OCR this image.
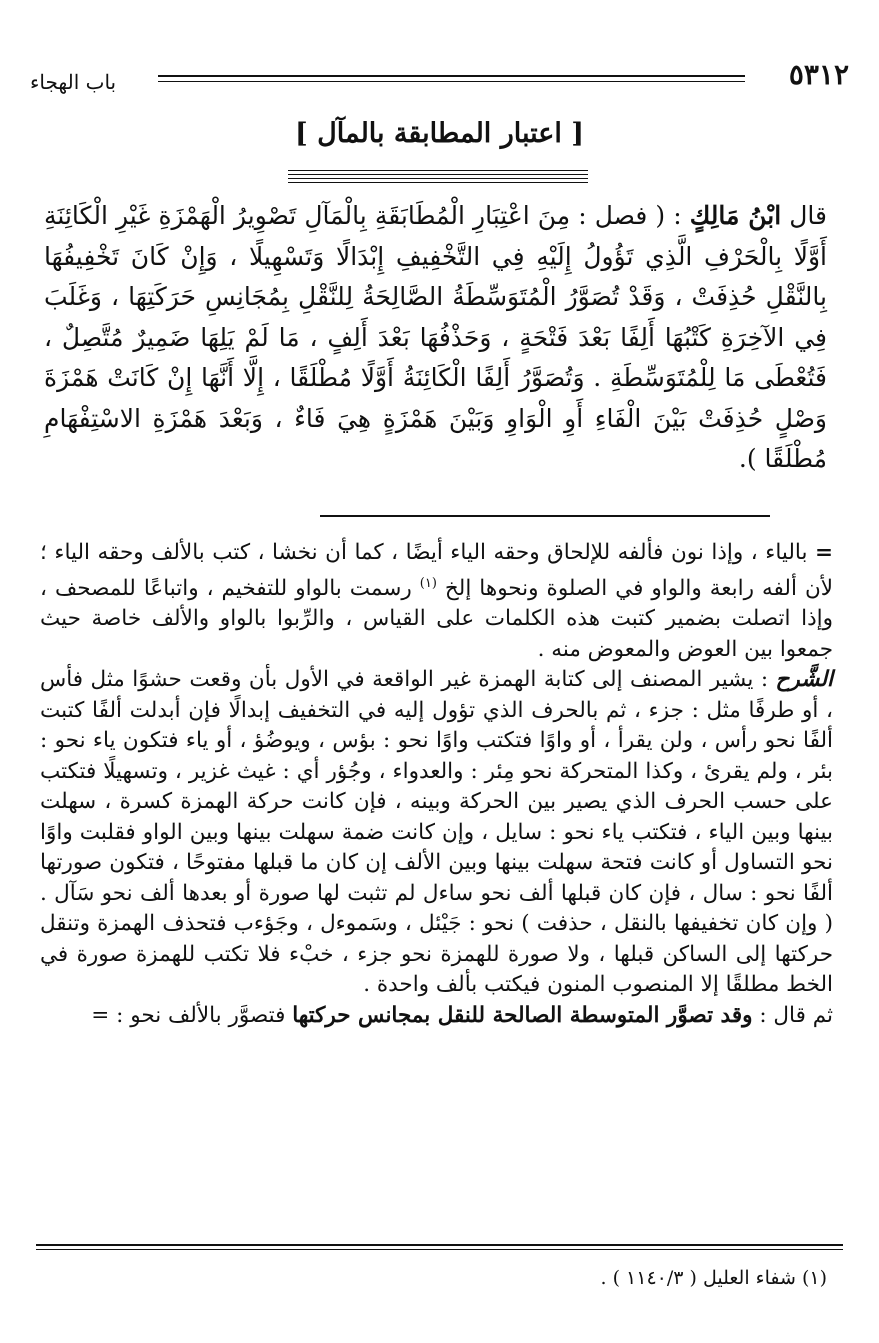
باب الهجاء	٥٣١٢
[ اعتبار المطابقة بالمآل ]
قال ابْنُ مَالِكٍ : ( فصل : مِنَ اعْتِبَارِ الْمُطَابَقَةِ بِالْمَآلِ تَصْوِيرُ الْهَمْزَةِ غَيْرِ الْكَائِنَةِ أَوَّلًا بِالْحَرْفِ الَّذِي تَؤُولُ إِلَيْهِ فِي التَّخْفِيفِ إِبْدَالًا وَتَسْهِيلًا ، وَإِنْ كَانَ تَخْفِيفُهَا بِالنَّقْلِ حُذِفَتْ ، وَقَدْ تُصَوَّرُ الْمُتَوَسِّطَةُ الصَّالِحَةُ لِلنَّقْلِ بِمُجَانِسِ حَرَكَتِهَا ، وَغَلَبَ فِي الآخِرَةِ كَتْبُهَا أَلِفًا بَعْدَ فَتْحَةٍ ، وَحَذْفُهَا بَعْدَ أَلِفٍ ، مَا لَمْ يَلِهَا ضَمِيرٌ مُتَّصِلٌ ، فَتُعْطَى مَا لِلْمُتَوَسِّطَةِ . وَتُصَوَّرُ أَلِفًا الْكَائِنَةُ أَوَّلًا مُطْلَقًا ، إِلَّا أَنَّهَا إِنْ كَانَتْ هَمْزَةَ وَصْلٍ حُذِفَتْ بَيْنَ الْفَاءِ أَوِ الْوَاوِ وَبَيْنَ هَمْزَةٍ هِيَ فَاءٌ ، وَبَعْدَ هَمْزَةِ الاسْتِفْهَامِ مُطْلَقًا ).

= بالياء ، وإذا نون فألفه للإلحاق وحقه الياء أيضًا ، كما أن نخشا ، كتب بالألف وحقه الياء ؛ لأن ألفه رابعة والواو في الصلوة ونحوها إلخ $^{(١)}$ رسمت بالواو للتفخيم ، واتباعًا للمصحف ، وإذا اتصلت بضمير كتبت هذه الكلمات على القياس ، والرِّبوا بالواو والألف خاصة حيث جمعوا بين العوض والمعوض منه .

الشَّرح : يشير المصنف إلى كتابة الهمزة غير الواقعة في الأول بأن وقعت حشوًا مثل فأس ، أو طرفًا مثل : جزء ، ثم بالحرف الذي تؤول إليه في التخفيف إبدالًا فإن أبدلت ألفًا كتبت ألفًا نحو رأس ، ولن يقرأ ، أو واوًا فتكتب واوًا نحو : بؤس ، ويوضُؤ ، أو ياء فتكون ياء نحو : بئر ، ولم يقرئ ، وكذا المتحركة نحو مِئر : والعدواء ، وجُؤر أي : غيث غزير ، وتسهيلًا فتكتب على حسب الحرف الذي يصير بين الحركة وبينه ، فإن كانت حركة الهمزة كسرة ، سهلت بينها وبين الياء ، فتكتب ياء نحو : سايل ، وإن كانت ضمة سهلت بينها وبين الواو فقلبت واوًا نحو التساول أو كانت فتحة سهلت بينها وبين الألف إن كان ما قبلها مفتوحًا ، فتكون صورتها ألفًا نحو : سال ، فإن كان قبلها ألف نحو ساءل لم تثبت لها صورة أو بعدها ألف نحو سَآل . ( وإن كان تخفيفها بالنقل ، حذفت ) نحو : جَيْئل ، وسَموءل ، وجَؤءب فتحذف الهمزة وتنقل حركتها إلى الساكن قبلها ، ولا صورة للهمزة نحو جزء ، خبْء فلا تكتب للهمزة صورة في الخط مطلقًا إلا المنصوب المنون فيكتب بألف واحدة .

ثم قال : وقد تصوَّر المتوسطة الصالحة للنقل بمجانس حركتها فتصوَّر بالألف نحو : =

(١) شفاء العليل ( ١١٤٠/٣ ) .
